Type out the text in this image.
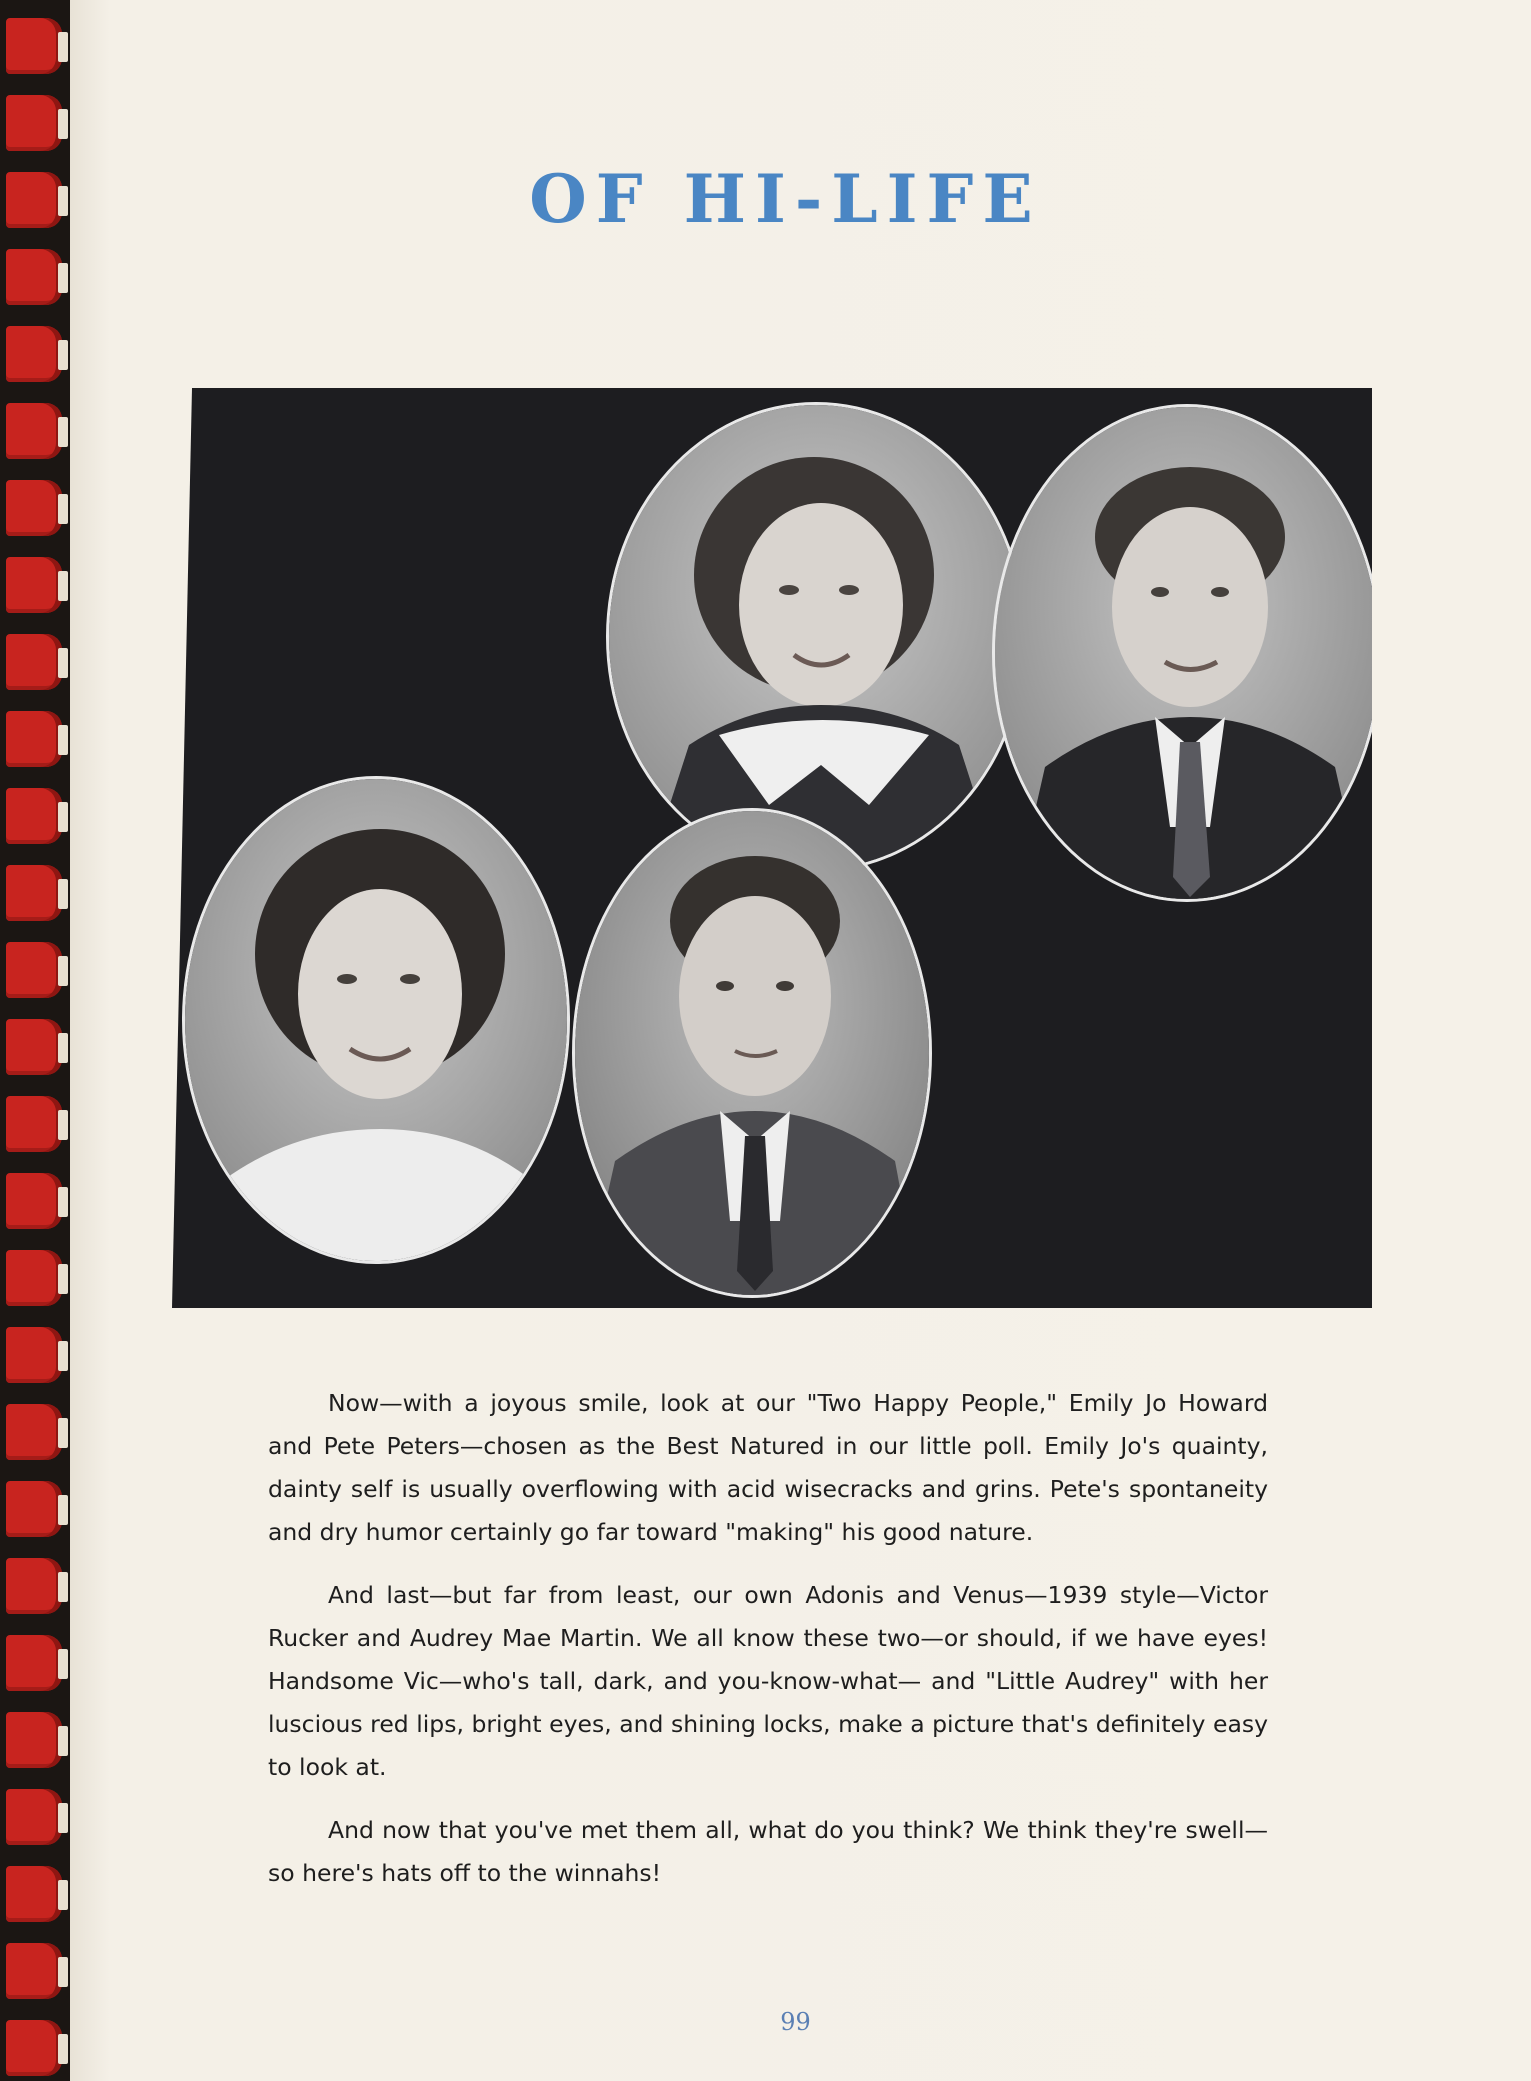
OF HI-LIFE

Now—with a joyous smile, look at our "Two Happy People," Emily Jo Howard and Pete Peters—chosen as the Best Natured in our little poll. Emily Jo's quainty, dainty self is usually overflowing with acid wisecracks and grins. Pete's spontaneity and dry humor certainly go far toward "making" his good nature.

And last—but far from least, our own Adonis and Venus—1939 style—Victor Rucker and Audrey Mae Martin. We all know these two—or should, if we have eyes! Handsome Vic—who's tall, dark, and you-know-what— and "Little Audrey" with her luscious red lips, bright eyes, and shining locks, make a picture that's definitely easy to look at.

And now that you've met them all, what do you think? We think they're swell—so here's hats off to the winnahs!

99
